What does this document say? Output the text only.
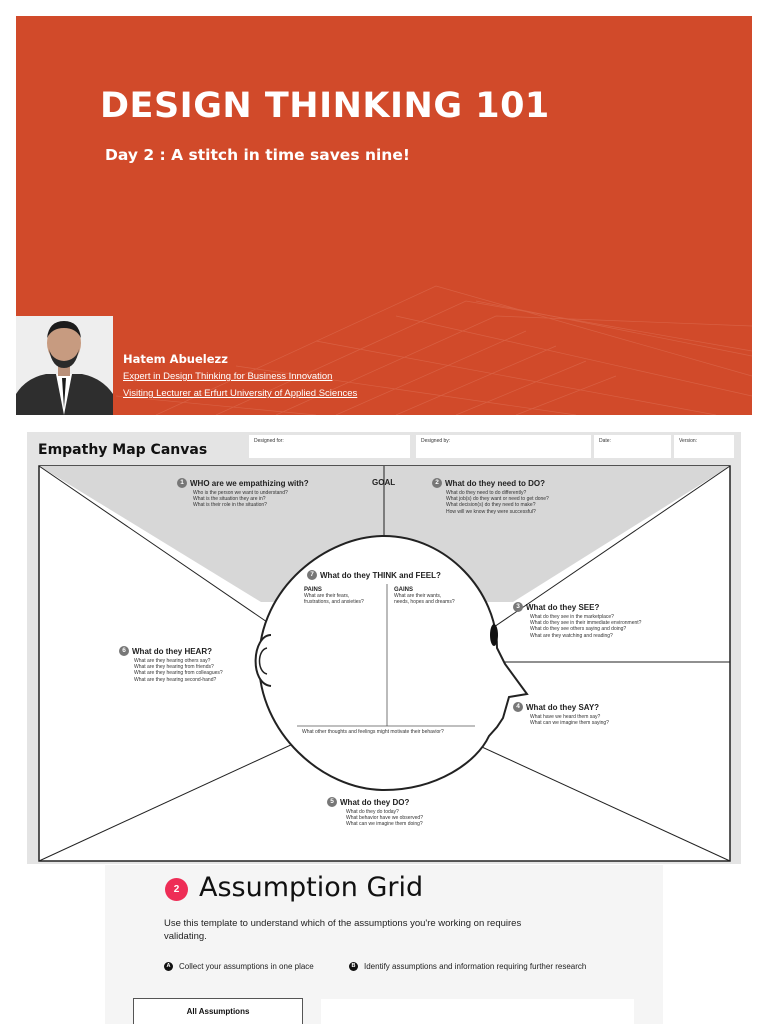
DESIGN THINKING 101
Day 2 : A stitch in time saves nine!
Hatem Abuelezz
Expert in Design Thinking for Business Innovation
Visiting Lecturer at Erfurt University of Applied Sciences
Empathy Map Canvas
Designed for:	Designed by:	Date:	Version:
GOAL
1 WHO are we empathizing with?
Who is the person we want to understand?
What is the situation they are in?
What is their role in the situation?
2 What do they need to DO?
What do they need to do differently?
What job(s) do they want or need to get done?
What decision(s) do they need to make?
How will we know they were successful?
7 What do they THINK and FEEL?
PAINS
What are their fears,
frustrations, and anxieties?
GAINS
What are their wants,
needs, hopes and dreams?
What other thoughts and feelings might motivate their behavior?
3 What do they SEE?
What do they see in the marketplace?
What do they see in their immediate environment?
What do they see others saying and doing?
What are they watching and reading?
6 What do they HEAR?
What are they hearing others say?
What are they hearing from friends?
What are they hearing from colleagues?
What are they hearing second-hand?
4 What do they SAY?
What have we heard them say?
What can we imagine them saying?
5 What do they DO?
What do they do today?
What behavior have we observed?
What can we imagine them doing?
2 Assumption Grid
Use this template to understand which of the assumptions you're working on requires validating.
A	Collect your assumptions in one place	B	Identify assumptions and information requiring further research
All Assumptions
